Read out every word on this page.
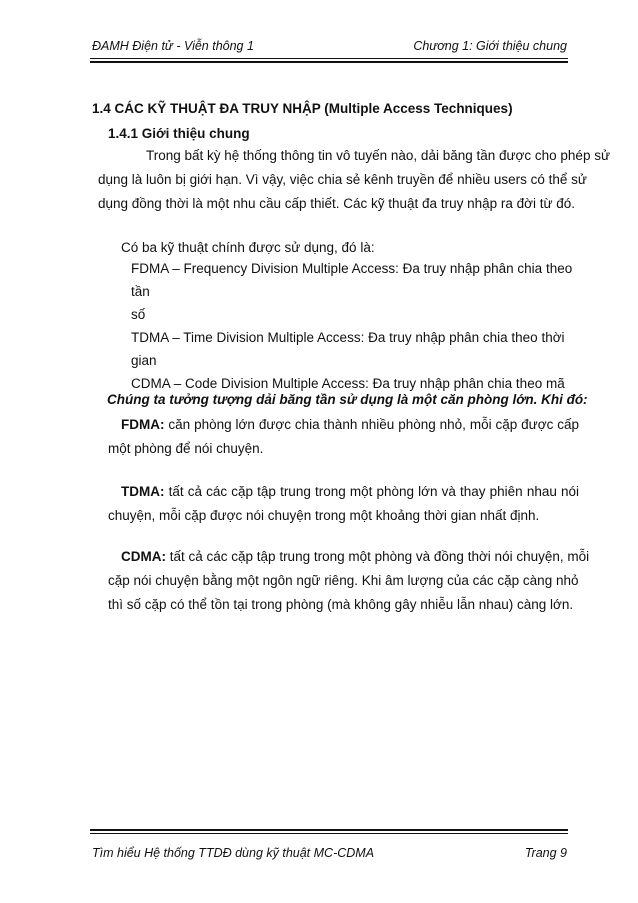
ĐAMH Điện tử - Viễn thông 1	Chương 1: Giới thiệu chung
1.4 CÁC KỸ THUẬT ĐA TRUY NHẬP (Multiple Access Techniques)
1.4.1 Giới thiệu chung
Trong bất kỳ hệ thống thông tin vô tuyến nào, dải băng tần được cho phép sử
dụng là luôn bị giới hạn. Vì vậy, việc chia sẻ kênh truyền để nhiều users có thể sử
dụng đồng thời là một nhu cầu cấp thiết. Các kỹ thuật đa truy nhập ra đời từ đó.
Có ba kỹ thuật chính được sử dụng, đó là:
FDMA – Frequency Division Multiple Access: Đa truy nhập phân chia theo tần
số
TDMA – Time Division Multiple Access: Đa truy nhập phân chia theo thời gian
CDMA – Code Division Multiple Access: Đa truy nhập phân chia theo mã
Chúng ta tưởng tượng dải băng tần sử dụng là một căn phòng lớn. Khi đó:
FDMA: căn phòng lớn được chia thành nhiều phòng nhỏ, mỗi cặp được cấp
một phòng để nói chuyện.
TDMA: tất cả các cặp tập trung trong một phòng lớn và thay phiên nhau nói
chuyện, mỗi cặp được nói chuyện trong một khoảng thời gian nhất định.
CDMA: tất cả các cặp tập trung trong một phòng và đồng thời nói chuyện, mỗi
cặp nói chuyện bằng một ngôn ngữ riêng. Khi âm lượng của các cặp càng nhỏ
thì số cặp có thể tồn tại trong phòng (mà không gây nhiễu lẫn nhau) càng lớn.
Tìm hiểu Hệ thống TTDĐ dùng kỹ thuật MC-CDMA	Trang 9
